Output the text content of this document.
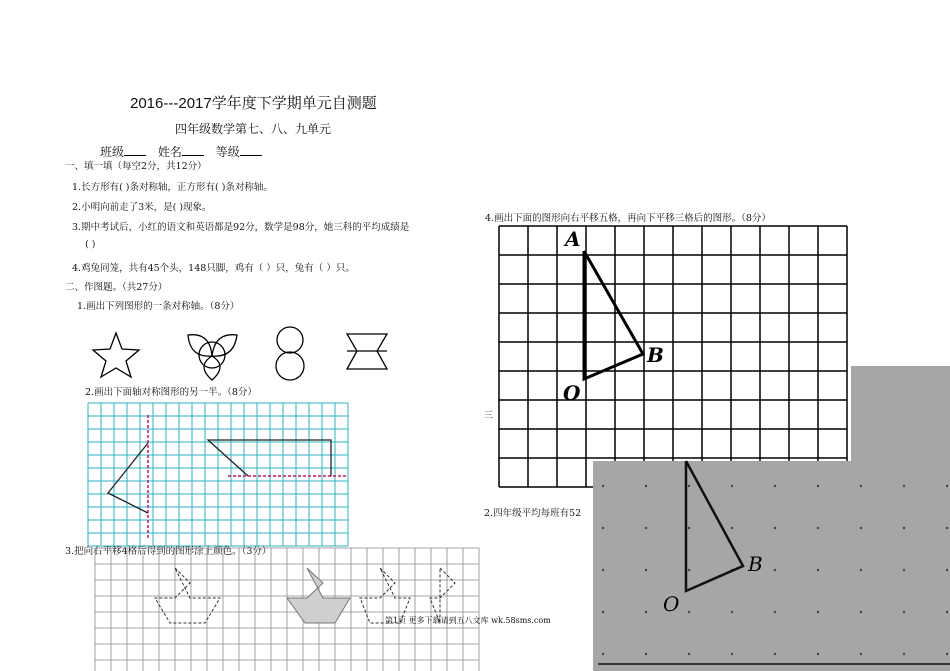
2016---2017学年度下学期单元自测题
四年级数学第七、八、九单元
班级	姓名	等级
一、填一填（每空2分，共12分）
1.长方形有( )条对称轴，正方形有( )条对称轴。
2.小明向前走了3米，是( )现象。
3.期中考试后，小红的语文和英语都是92分，数学是98分，她三科的平均成绩是
( )
4.鸡兔同笼，共有45个头，148只脚，鸡有（ ）只，兔有（ ）只。
二、作图题。（共27分）
1.画出下列图形的一条对称轴。（8分）
2.画出下面轴对称图形的另一半。（8分）
3.把向右平移4格后得到的图形涂上颜色。（3分）
第1页 更多下载请到五八文库 wk.58sms.com
4.画出下面的图形向右平移五格，再向下平移三格后的图形。（8分）
三
2.四年级平均每班有52
A
B
O
B
O
